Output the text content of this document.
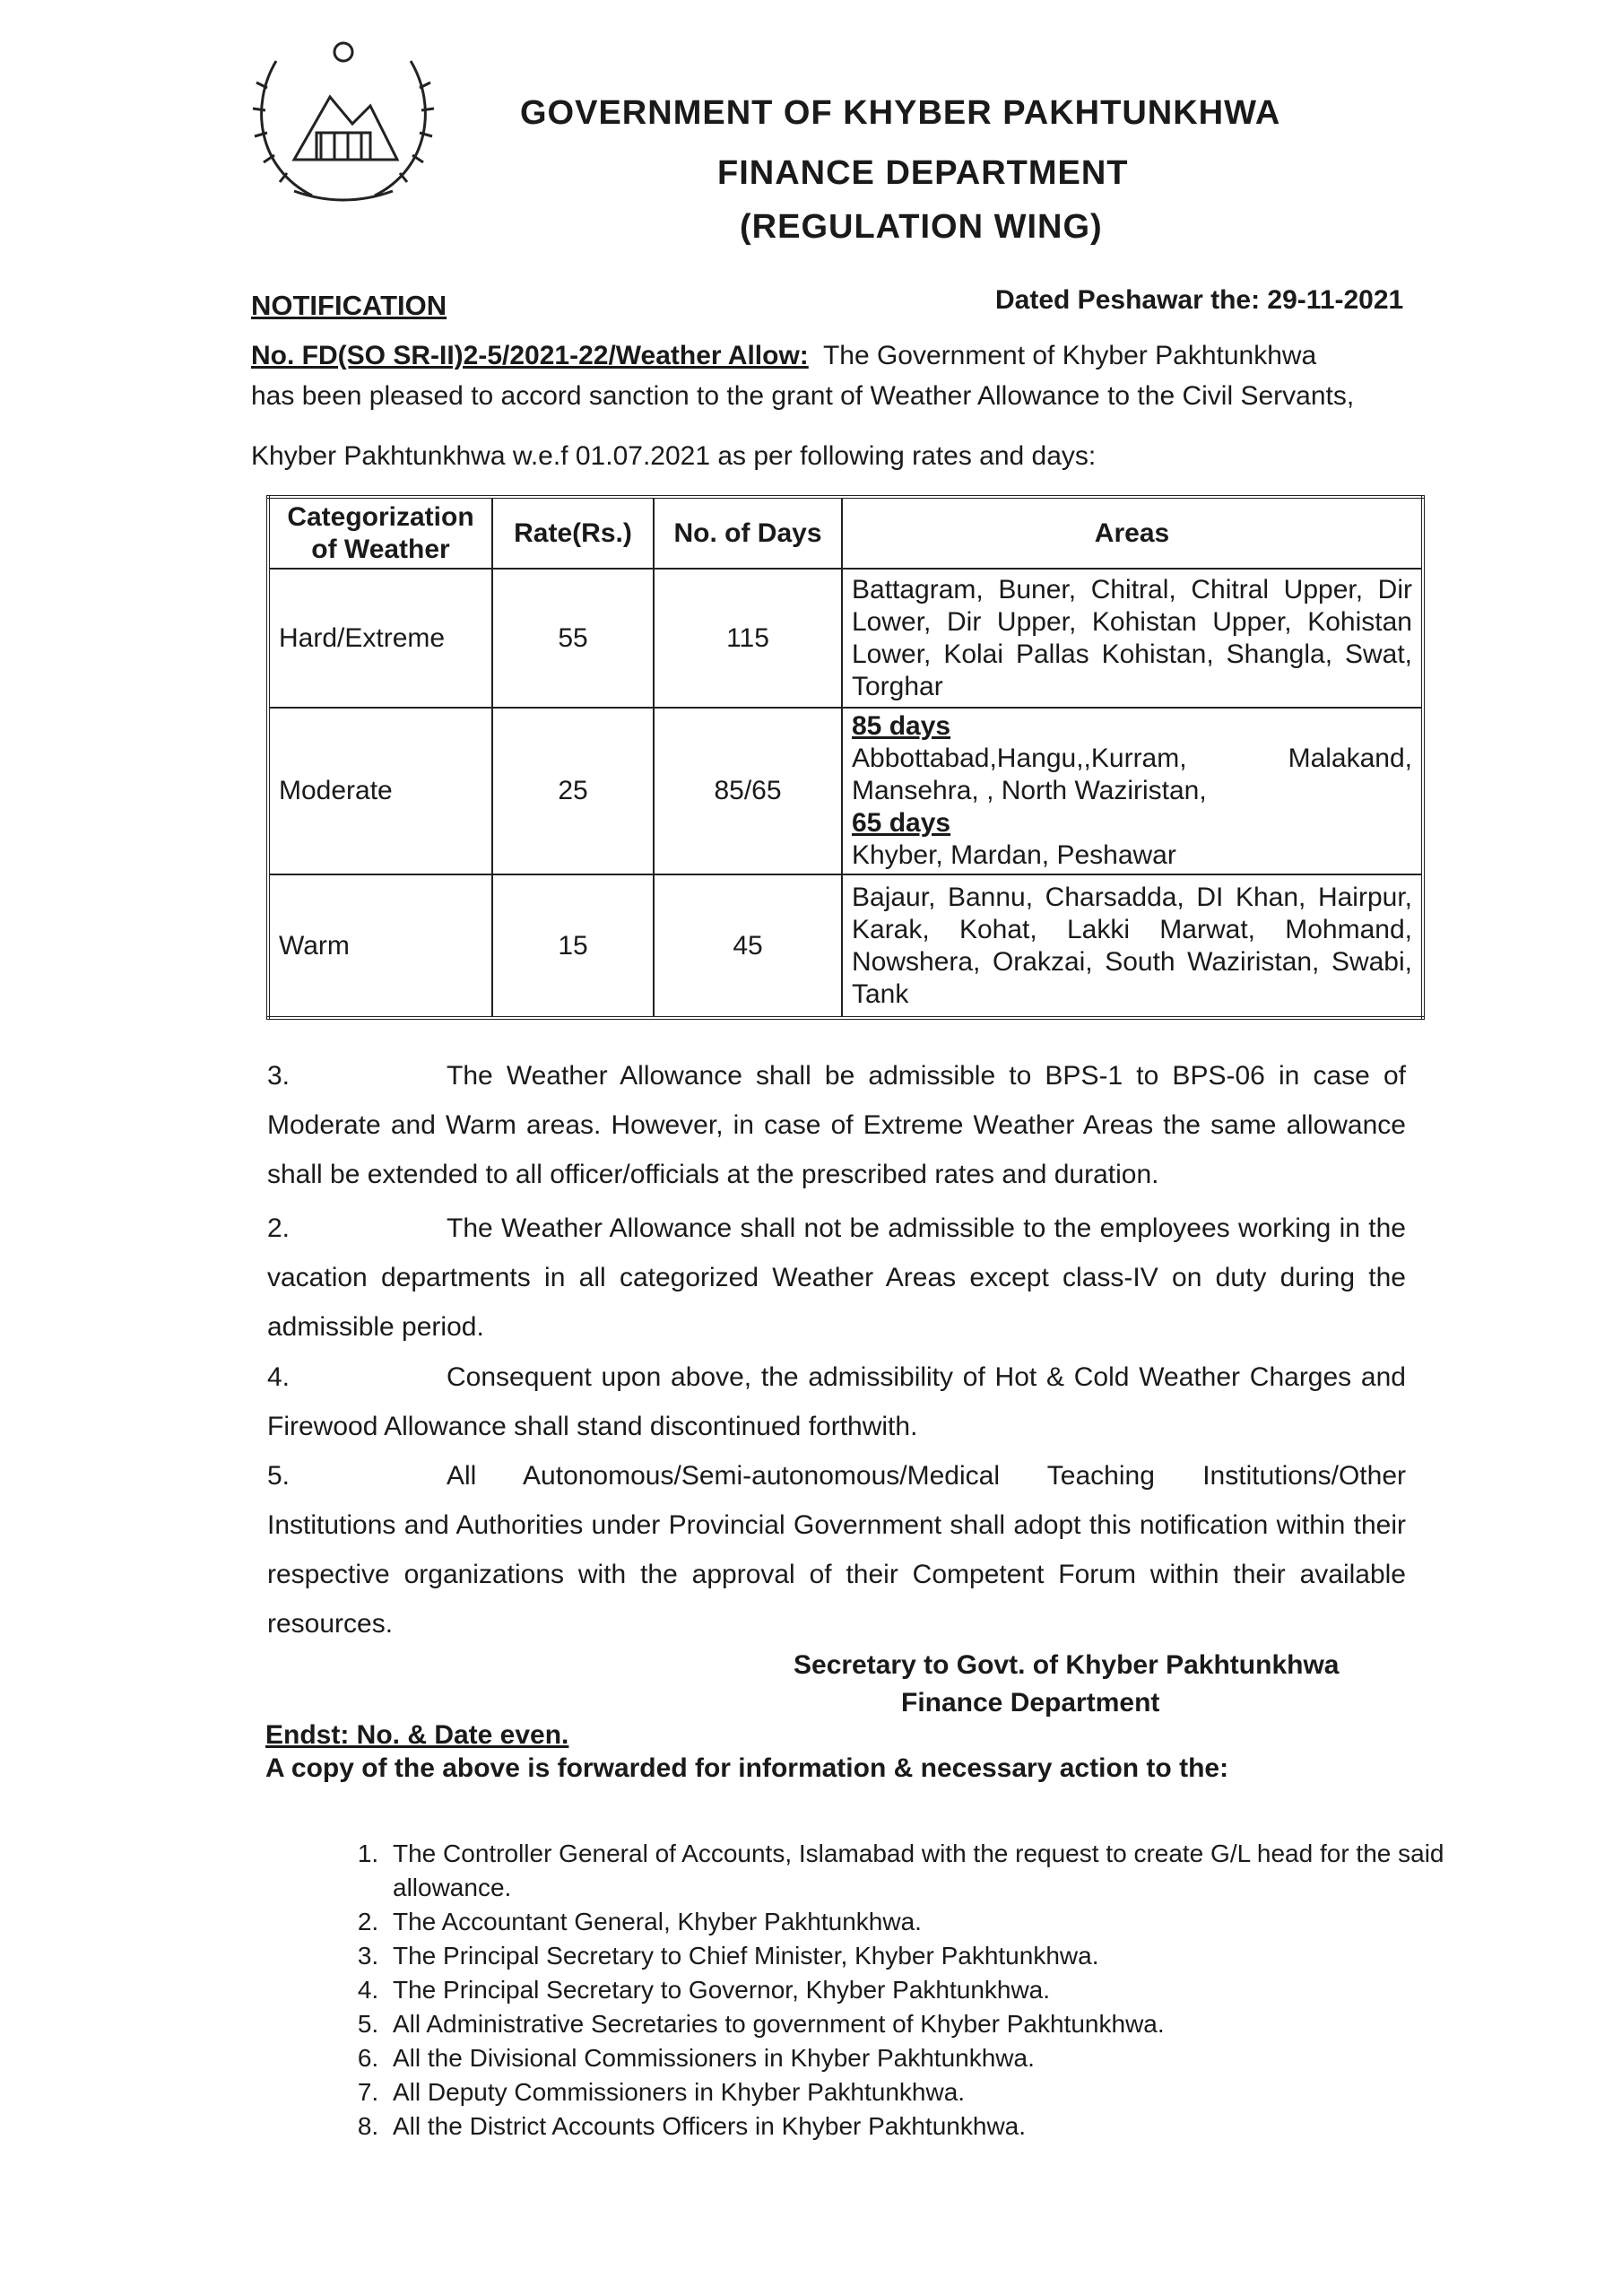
GOVERNMENT OF KHYBER PAKHTUNKHWA
FINANCE DEPARTMENT
(REGULATION WING)
NOTIFICATION	Dated Peshawar the: 29-11-2021
No. FD(SO SR-II)2-5/2021-22/Weather Allow: The Government of Khyber Pakhtunkhwa
has been pleased to accord sanction to the grant of Weather Allowance to the Civil Servants,
Khyber Pakhtunkhwa w.e.f 01.07.2021 as per following rates and days:
Categorization of Weather	Rate(Rs.)	No. of Days	Areas
Hard/Extreme	55	115	Battagram, Buner, Chitral, Chitral Upper, Dir Lower, Dir Upper, Kohistan Upper, Kohistan Lower, Kolai Pallas Kohistan, Shangla, Swat, Torghar
Moderate	25	85/65	85 days
Abbottabad,Hangu,,Kurram, Malakand, Mansehra, , North Waziristan,
65 days
Khyber, Mardan, Peshawar

Warm	15	45	Bajaur, Bannu, Charsadda, DI Khan, Hairpur, Karak, Kohat, Lakki Marwat, Mohmand, Nowshera, Orakzai, South Waziristan, Swabi, Tank
3.	The Weather Allowance shall be admissible to BPS-1 to BPS-06 in case of Moderate and Warm areas. However, in case of Extreme Weather Areas the same allowance shall be extended to all officer/officials at the prescribed rates and duration.
2.	The Weather Allowance shall not be admissible to the employees working in the vacation departments in all categorized Weather Areas except class-IV on duty during the admissible period.
4.	Consequent upon above, the admissibility of Hot & Cold Weather Charges and Firewood Allowance shall stand discontinued forthwith.
5.	All Autonomous/Semi-autonomous/Medical Teaching Institutions/Other Institutions and Authorities under Provincial Government shall adopt this notification within their respective organizations with the approval of their Competent Forum within their available resources.
Secretary to Govt. of Khyber Pakhtunkhwa
Finance Department
Endst: No. & Date even.
A copy of the above is forwarded for information & necessary action to the:
1. The Controller General of Accounts, Islamabad with the request to create G/L head for the said allowance.
2. The Accountant General, Khyber Pakhtunkhwa.
3. The Principal Secretary to Chief Minister, Khyber Pakhtunkhwa.
4. The Principal Secretary to Governor, Khyber Pakhtunkhwa.
5. All Administrative Secretaries to government of Khyber Pakhtunkhwa.
6. All the Divisional Commissioners in Khyber Pakhtunkhwa.
7. All Deputy Commissioners in Khyber Pakhtunkhwa.
8. All the District Accounts Officers in Khyber Pakhtunkhwa.
